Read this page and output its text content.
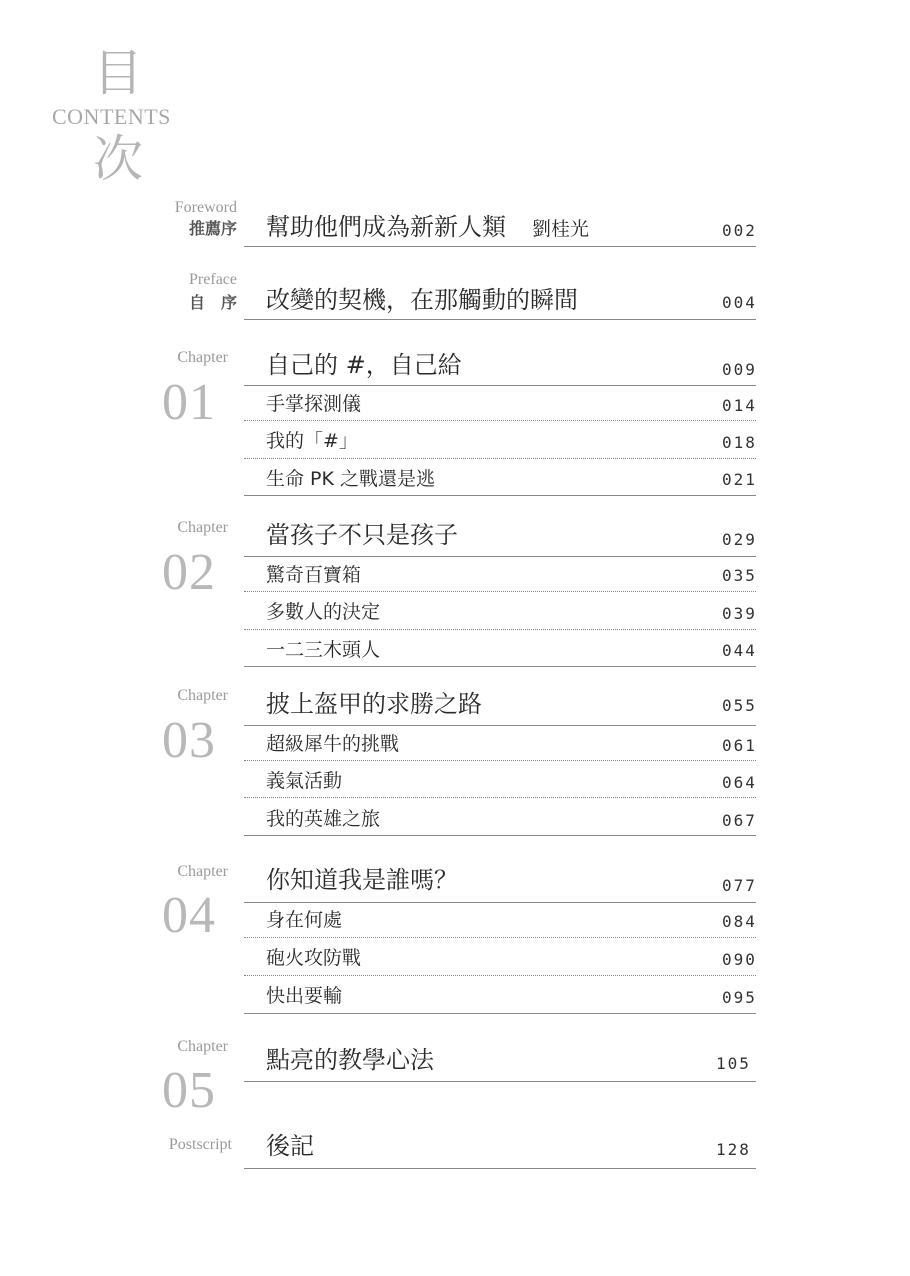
目
CONTENTS
次
Foreword
推薦序 幫助他們成為新新人類 劉桂光	002
Preface
自　序 改變的契機，在那觸動的瞬間	004
Chapter
01
自己的 #，自己給	009
手掌探測儀	014
我的「#」	018
生命 PK 之戰還是逃	021
Chapter
02
當孩子不只是孩子	029
驚奇百寶箱	035
多數人的決定	039
一二三木頭人	044
Chapter
03
披上盔甲的求勝之路	055
超級犀牛的挑戰	061
義氣活動	064
我的英雄之旅	067
Chapter
04
你知道我是誰嗎？	077
身在何處	084
砲火攻防戰	090
快出要輸	095
Chapter
05
點亮的教學心法	105
Postscript 後記	128
